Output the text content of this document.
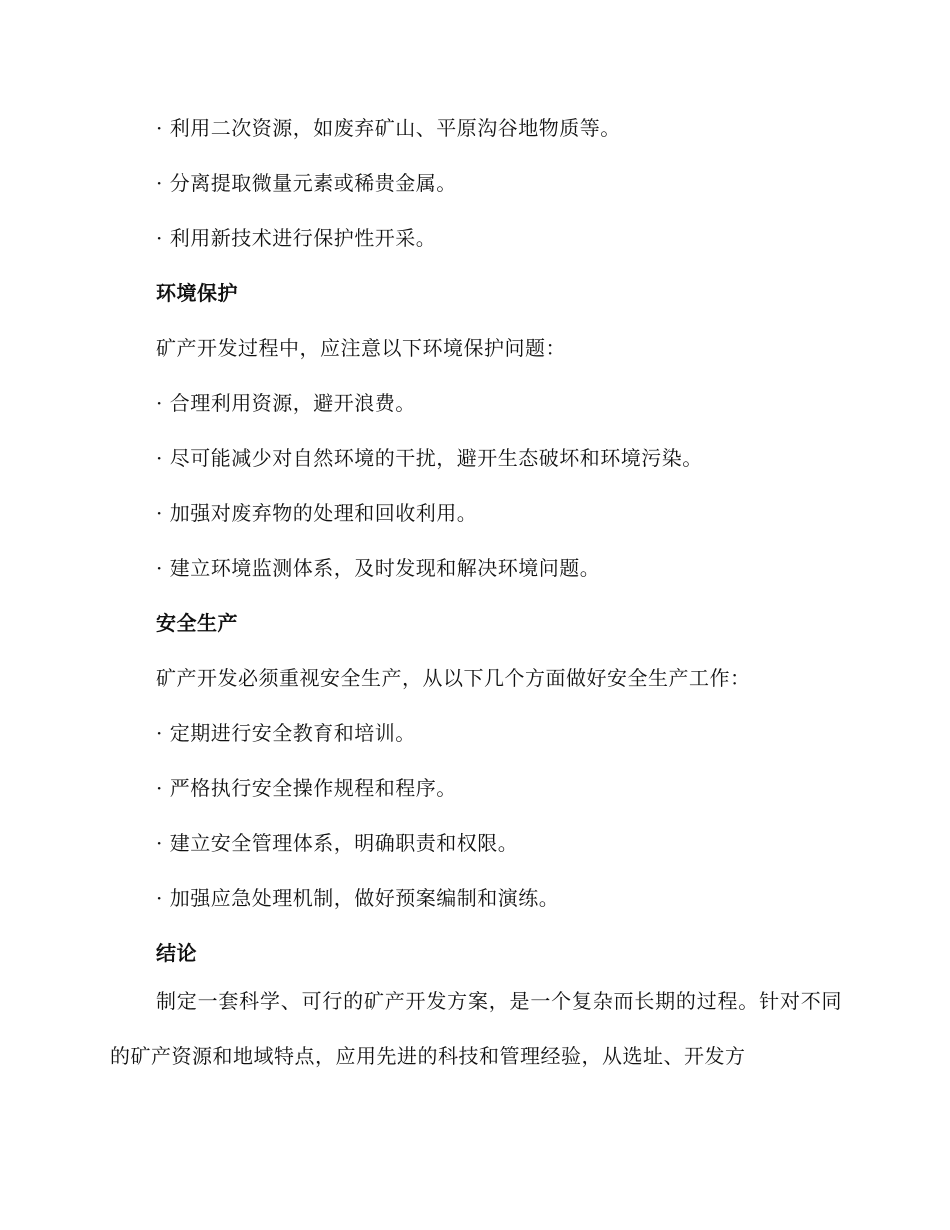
· 利用二次资源，如废弃矿山、平原沟谷地物质等。
· 分离提取微量元素或稀贵金属。
· 利用新技术进行保护性开采。
环境保护
矿产开发过程中，应注意以下环境保护问题：
· 合理利用资源，避开浪费。
· 尽可能减少对自然环境的干扰，避开生态破坏和环境污染。
· 加强对废弃物的处理和回收利用。
· 建立环境监测体系，及时发现和解决环境问题。
安全生产
矿产开发必须重视安全生产，从以下几个方面做好安全生产工作：
· 定期进行安全教育和培训。
· 严格执行安全操作规程和程序。
· 建立安全管理体系，明确职责和权限。
· 加强应急处理机制，做好预案编制和演练。
结论

制定一套科学、可行的矿产开发方案，是一个复杂而长期的过程。针对不同的矿产资源和地域特点，应用先进的科技和管理经验，从选址、开发方
